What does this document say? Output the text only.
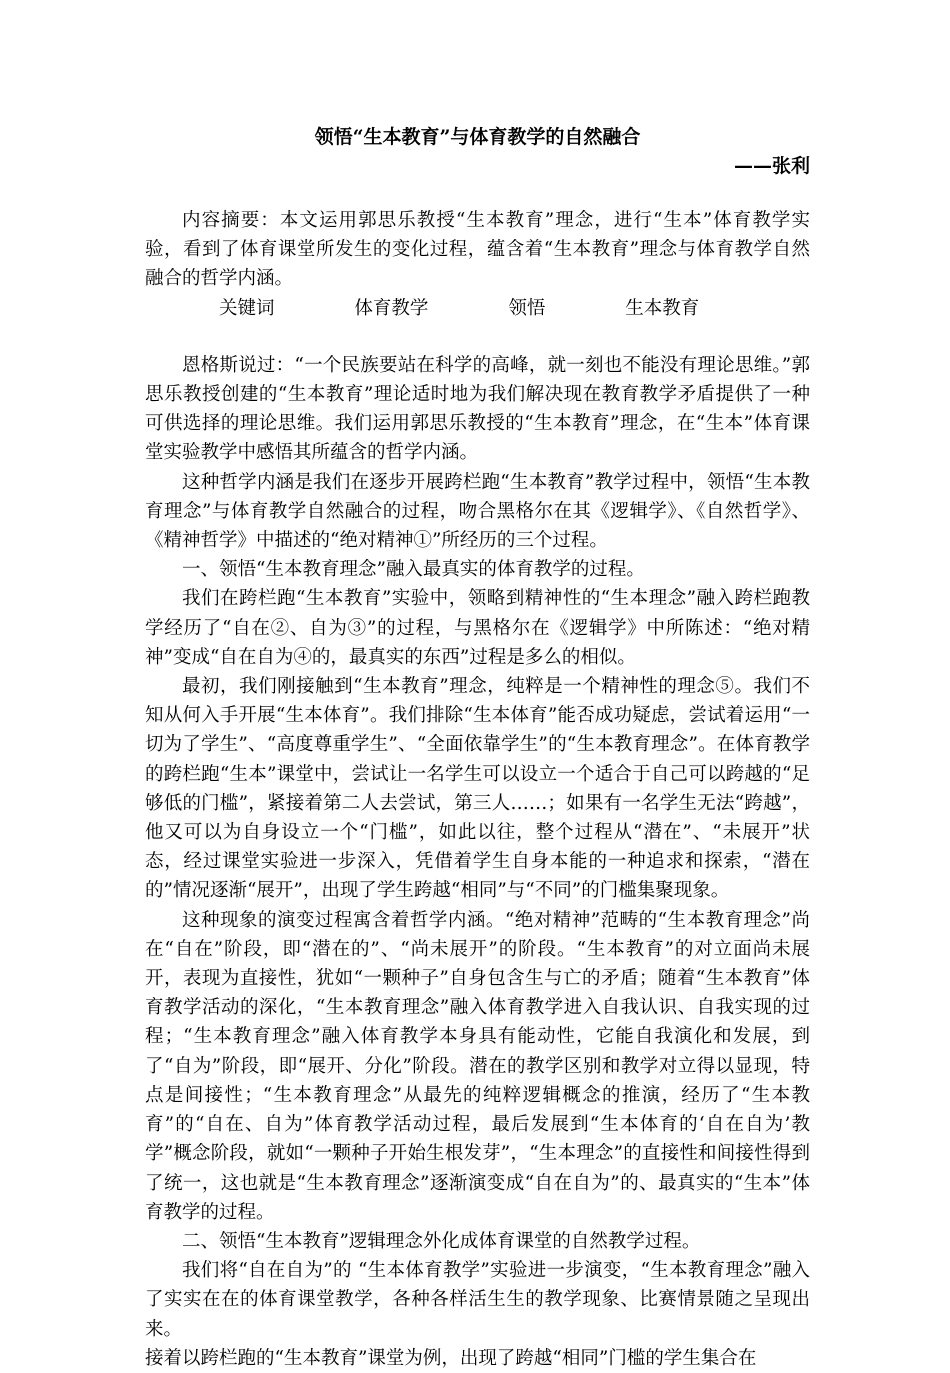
领悟“生本教育”与体育教学的自然融合
——张利

内容摘要：本文运用郭思乐教授“生本教育”理念，进行“生本”体育教学实验，看到了体育课堂所发生的变化过程，蕴含着“生本教育”理念与体育教学自然融合的哲学内涵。

关键词	体育教学	领悟	生本教育

恩格斯说过：“一个民族要站在科学的高峰，就一刻也不能没有理论思维。”郭思乐教授创建的“生本教育”理论适时地为我们解决现在教育教学矛盾提供了一种可供选择的理论思维。我们运用郭思乐教授的“生本教育”理念，在“生本”体育课堂实验教学中感悟其所蕴含的哲学内涵。

这种哲学内涵是我们在逐步开展跨栏跑“生本教育”教学过程中，领悟“生本教育理念”与体育教学自然融合的过程，吻合黑格尔在其《逻辑学》、《自然哲学》、《精神哲学》中描述的“绝对精神①”所经历的三个过程。

一、领悟“生本教育理念”融入最真实的体育教学的过程。

我们在跨栏跑“生本教育”实验中，领略到精神性的“生本理念”融入跨栏跑教学经历了“自在②、自为③”的过程，与黑格尔在《逻辑学》中所陈述：“绝对精神”变成“自在自为④的，最真实的东西”过程是多么的相似。

最初，我们刚接触到“生本教育”理念，纯粹是一个精神性的理念⑤。我们不知从何入手开展“生本体育”。我们排除“生本体育”能否成功疑虑，尝试着运用“一切为了学生”、“高度尊重学生”、“全面依靠学生”的“生本教育理念”。在体育教学的跨栏跑“生本”课堂中，尝试让一名学生可以设立一个适合于自己可以跨越的“足够低的门槛”，紧接着第二人去尝试，第三人……；如果有一名学生无法“跨越”，他又可以为自身设立一个“门槛”，如此以往，整个过程从“潜在”、“未展开”状态，经过课堂实验进一步深入，凭借着学生自身本能的一种追求和探索，“潜在的”情况逐渐“展开”，出现了学生跨越“相同”与“不同”的门槛集聚现象。

这种现象的演变过程寓含着哲学内涵。“绝对精神”范畴的“生本教育理念”尚在“自在”阶段，即“潜在的”、“尚未展开”的阶段。“生本教育”的对立面尚未展开，表现为直接性，犹如“一颗种子”自身包含生与亡的矛盾；随着“生本教育”体育教学活动的深化，“生本教育理念”融入体育教学进入自我认识、自我实现的过程；“生本教育理念”融入体育教学本身具有能动性，它能自我演化和发展，到了“自为”阶段，即“展开、分化”阶段。潜在的教学区别和教学对立得以显现，特点是间接性；“生本教育理念”从最先的纯粹逻辑概念的推演，经历了“生本教育”的“自在、自为”体育教学活动过程，最后发展到“生本体育的‘自在自为’教学”概念阶段，就如“一颗种子开始生根发芽”，“生本理念”的直接性和间接性得到了统一，这也就是“生本教育理念”逐渐演变成“自在自为”的、最真实的“生本”体育教学的过程。

二、领悟“生本教育”逻辑理念外化成体育课堂的自然教学过程。

我们将“自在自为”的 “生本体育教学”实验进一步演变，“生本教育理念”融入了实实在在的体育课堂教学，各种各样活生生的教学现象、比赛情景随之呈现出来。

接着以跨栏跑的“生本教育”课堂为例，出现了跨越“相同”门槛的学生集合在
